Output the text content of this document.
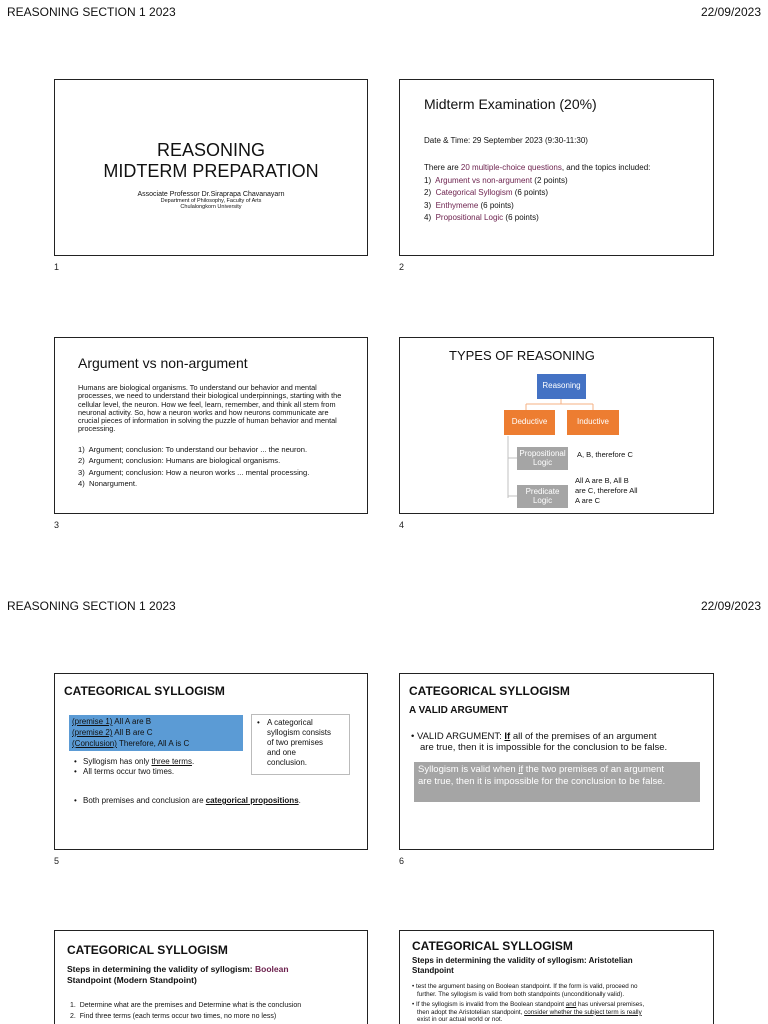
REASONING SECTION 1 2023	22/09/2023
REASONING SECTION 1 2023	22/09/2023
REASONING
MIDTERM PREPARATION
Associate Professor Dr.Siraprapa Chavanayarn
Department of Philosophy, Faculty of Arts
Chulalongkorn University
1
Midterm Examination (20%)
Date & Time: 29 September 2023 (9:30-11:30)
There are 20 multiple-choice questions, and the topics included:
1) Argument vs non-argument (2 points)
2) Categorical Syllogism (6 points)
3) Enthymeme (6 points)
4) Propositional Logic (6 points)
2
Argument vs non-argument
Humans are biological organisms. To understand our behavior and mental processes, we need to understand their biological underpinnings, starting with the cellular level, the neuron. How we feel, learn, remember, and think all stem from neuronal activity. So, how a neuron works and how neurons communicate are crucial pieces of information in solving the puzzle of human behavior and mental processing.
1) Argument; conclusion: To understand our behavior ... the neuron.
2) Argument; conclusion: Humans are biological organisms.
3) Argument; conclusion: How a neuron works ... mental processing.
4) Nonargument.
3
TYPES OF REASONING
Reasoning
Deductive	Inductive
Propositional
Logic
Predicate
Logic
A, B, therefore C
All A are B, All B
are C, therefore All
A are C
4
CATEGORICAL SYLLOGISM
(premise 1) All A are B
(premise 2) All B are C
(Conclusion) Therefore, All A is C
• A categorical
syllogism consists
of two premises
and one
conclusion.
• Syllogism has only three terms.
• All terms occur two times.
• Both premises and conclusion are categorical propositions.
5
CATEGORICAL SYLLOGISM
A VALID ARGUMENT
• VALID ARGUMENT: If all of the premises of an argument
are true, then it is impossible for the conclusion to be false.
Syllogism is valid when if the two premises of an argument
are true, then it is impossible for the conclusion to be false.
6
CATEGORICAL SYLLOGISM
Steps in determining the validity of syllogism: Boolean
Standpoint (Modern Standpoint)
1. Determine what are the premises and Determine what is the conclusion
2. Find three terms (each terms occur two times, no more no less)
CATEGORICAL SYLLOGISM
Steps in determining the validity of syllogism: Aristotelian
Standpoint
• test the argument basing on Boolean standpoint. If the form is valid, proceed no
further. The syllogism is valid from both standpoints (unconditionally valid).
• If the syllogism is invalid from the Boolean standpoint and has universal premises,
then adopt the Aristotelian standpoint, consider whether the subject term is really
exist in our actual world or not.
